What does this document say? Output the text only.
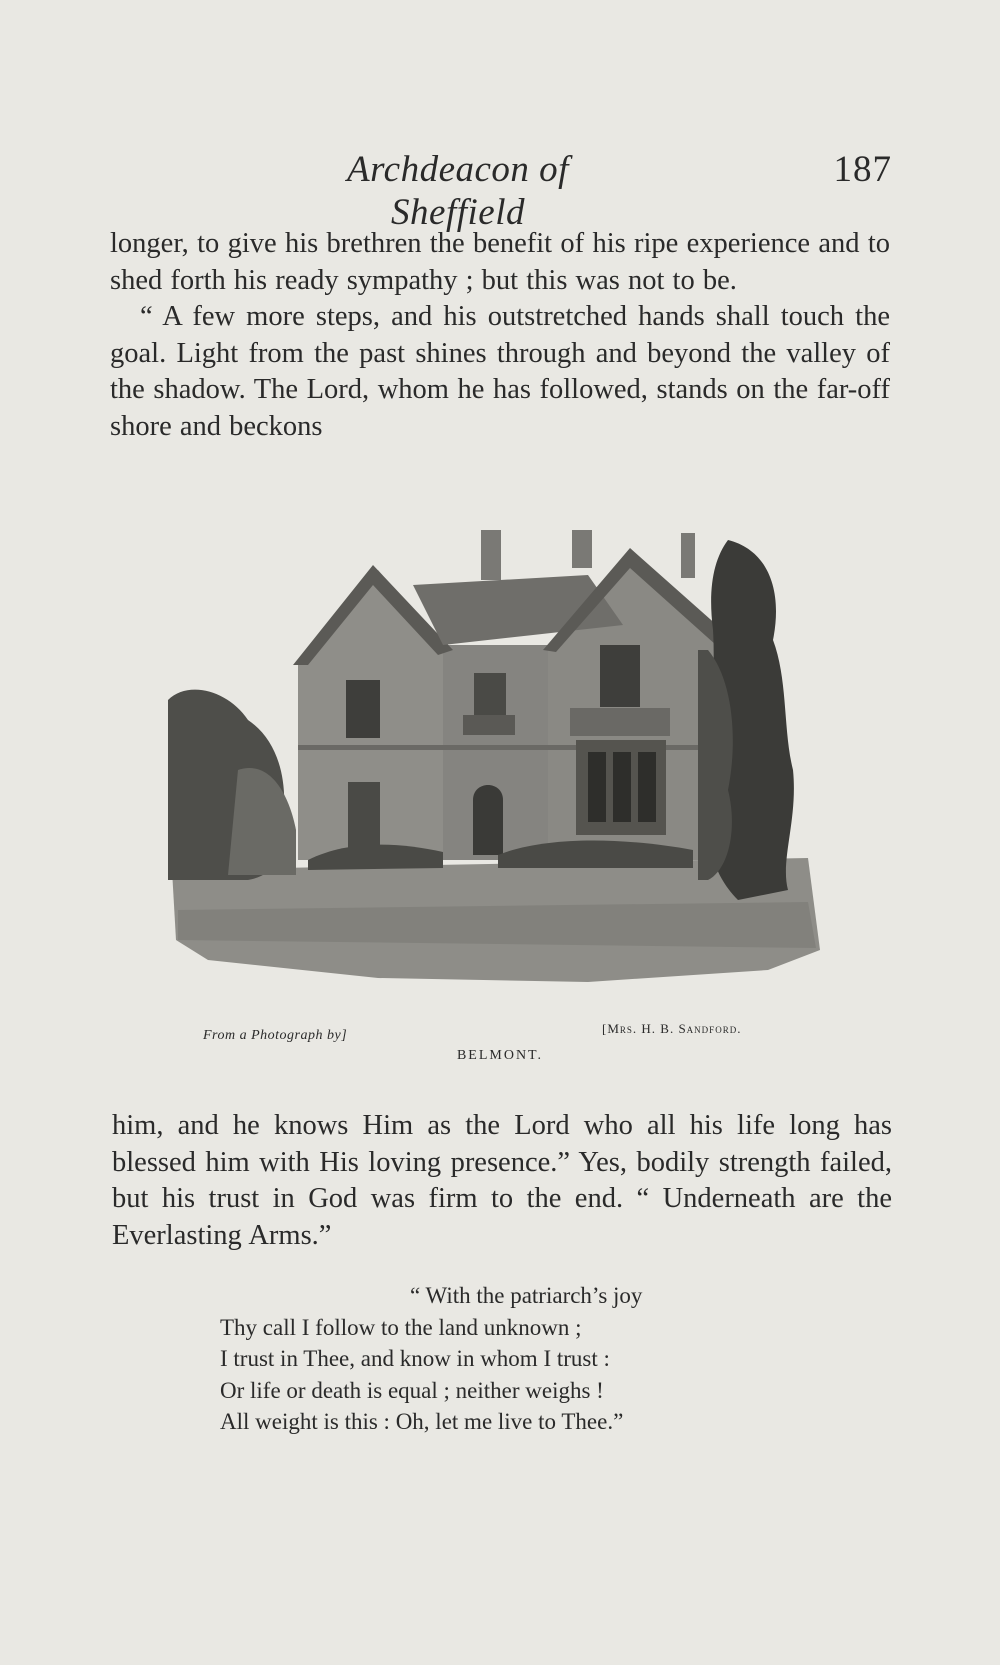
Archdeacon of Sheffield
187

longer, to give his brethren the benefit of his ripe experience and to shed forth his ready sympathy ; but this was not to be.

“ A few more steps, and his outstretched hands shall touch the goal. Light from the past shines through and beyond the valley of the shadow. The Lord, whom he has followed, stands on the far-off shore and beckons

From a Photograph by]	[Mrs. H. B. Sandford.
BELMONT.

him, and he knows Him as the Lord who all his life long has blessed him with His loving presence.” Yes, bodily strength failed, but his trust in God was firm to the end. “ Underneath are the Everlasting Arms.”

“ With the patriarch’s joy
Thy call I follow to the land unknown ;
I trust in Thee, and know in whom I trust :
Or life or death is equal ; neither weighs !
All weight is this : Oh, let me live to Thee.”
